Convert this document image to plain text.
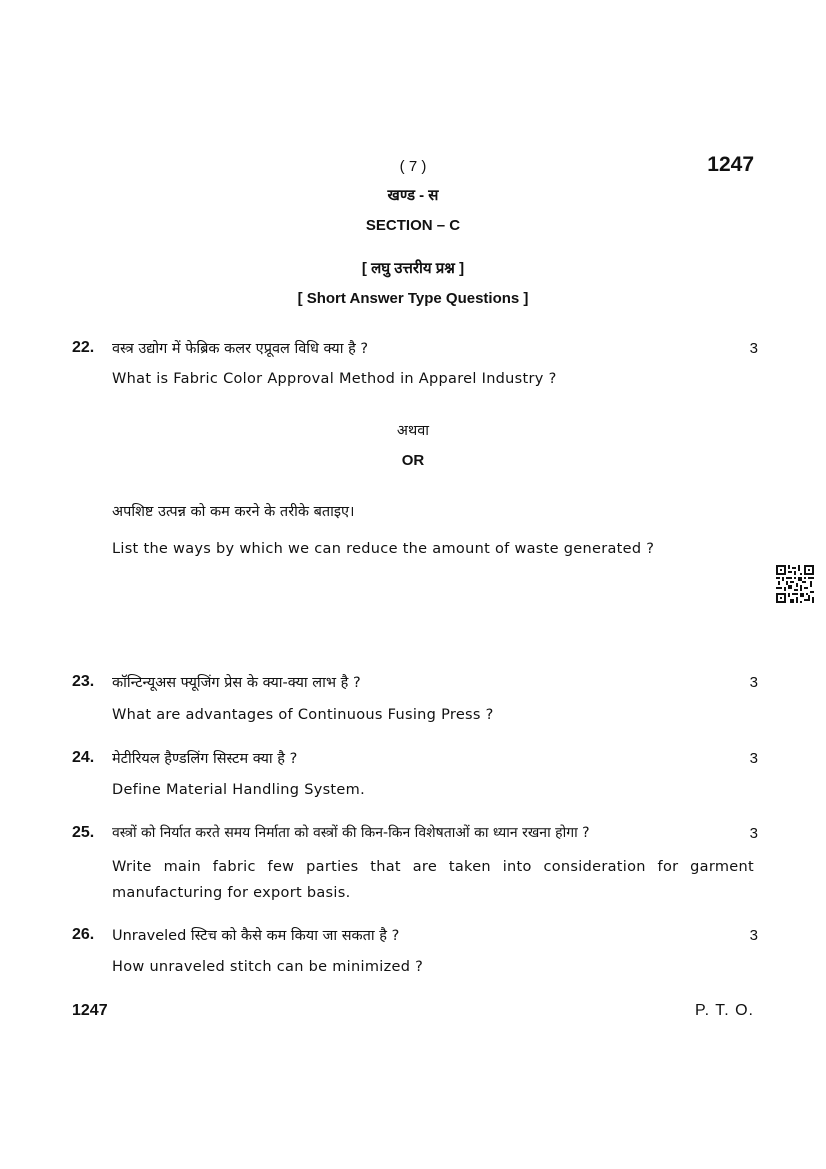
( 7 )	1247
खण्ड - स
SECTION – C
[ लघु उत्तरीय प्रश्न ]
[ Short Answer Type Questions ]
22. वस्त्र उद्योग में फेब्रिक कलर एप्रूवल विधि क्या है ?	3
What is Fabric Color Approval Method in Apparel Industry ?
अथवा
OR
अपशिष्ट उत्पन्न को कम करने के तरीके बताइए।
List the ways by which we can reduce the amount of waste generated ?
23. कॉन्टिन्यूअस फ्यूजिंग प्रेस के क्या-क्या लाभ है ?	3
What are advantages of Continuous Fusing Press ?
24. मेटीरियल हैण्डलिंग सिस्टम क्या है ?	3
Define Material Handling System.
25. वस्त्रों को निर्यात करते समय निर्माता को वस्त्रों की किन-किन विशेषताओं का ध्यान रखना होगा ?	3
Write main fabric few parties that are taken into consideration for garment manufacturing for export basis.
26. Unraveled स्टिच को कैसे कम किया जा सकता है ?	3
How unraveled stitch can be minimized ?
1247	P. T. O.
